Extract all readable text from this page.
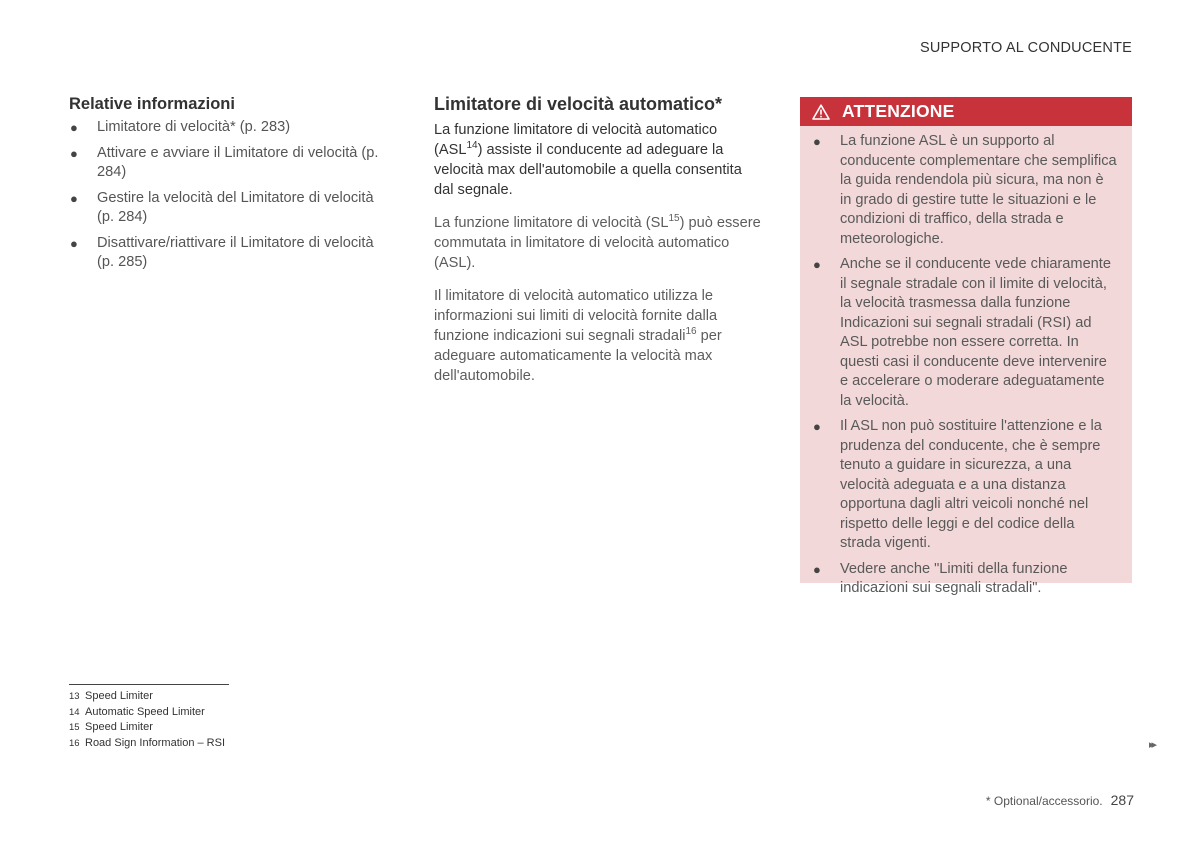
SUPPORTO AL CONDUCENTE
Relative informazioni
● Limitatore di velocità* (p. 283)
● Attivare e avviare il Limitatore di velocità (p. 284)
● Gestire la velocità del Limitatore di velocità (p. 284)
● Disattivare/riattivare il Limitatore di velocità (p. 285)
Limitatore di velocità automatico*

La funzione limitatore di velocità automatico (ASL$^{14}$) assiste il conducente ad adeguare la velocità max dell'automobile a quella consentita dal segnale.

La funzione limitatore di velocità (SL$^{15}$) può essere commutata in limitatore di velocità automatico (ASL).

Il limitatore di velocità automatico utilizza le informazioni sui limiti di velocità fornite dalla funzione indicazioni sui segnali stradali$^{16}$ per adeguare automaticamente la velocità max dell'automobile.

ATTENZIONE
● La funzione ASL è un supporto al conducente complementare che semplifica la guida rendendola più sicura, ma non è in grado di gestire tutte le situazioni e le condizioni di traffico, della strada e meteorologiche.
● Anche se il conducente vede chiaramente il segnale stradale con il limite di velocità, la velocità trasmessa dalla funzione Indicazioni sui segnali stradali (RSI) ad ASL potrebbe non essere corretta. In questi casi il conducente deve intervenire e accelerare o moderare adeguatamente la velocità.
● Il ASL non può sostituire l'attenzione e la prudenza del conducente, che è sempre tenuto a guidare in sicurezza, a una velocità adeguata e a una distanza opportuna dagli altri veicoli nonché nel rispetto delle leggi e del codice della strada vigenti.
● Vedere anche "Limiti della funzione indicazioni sui segnali stradali".
13 Speed Limiter
14 Automatic Speed Limiter
15 Speed Limiter
16 Road Sign Information – RSI	▸▸
* Optional/accessorio. 287
